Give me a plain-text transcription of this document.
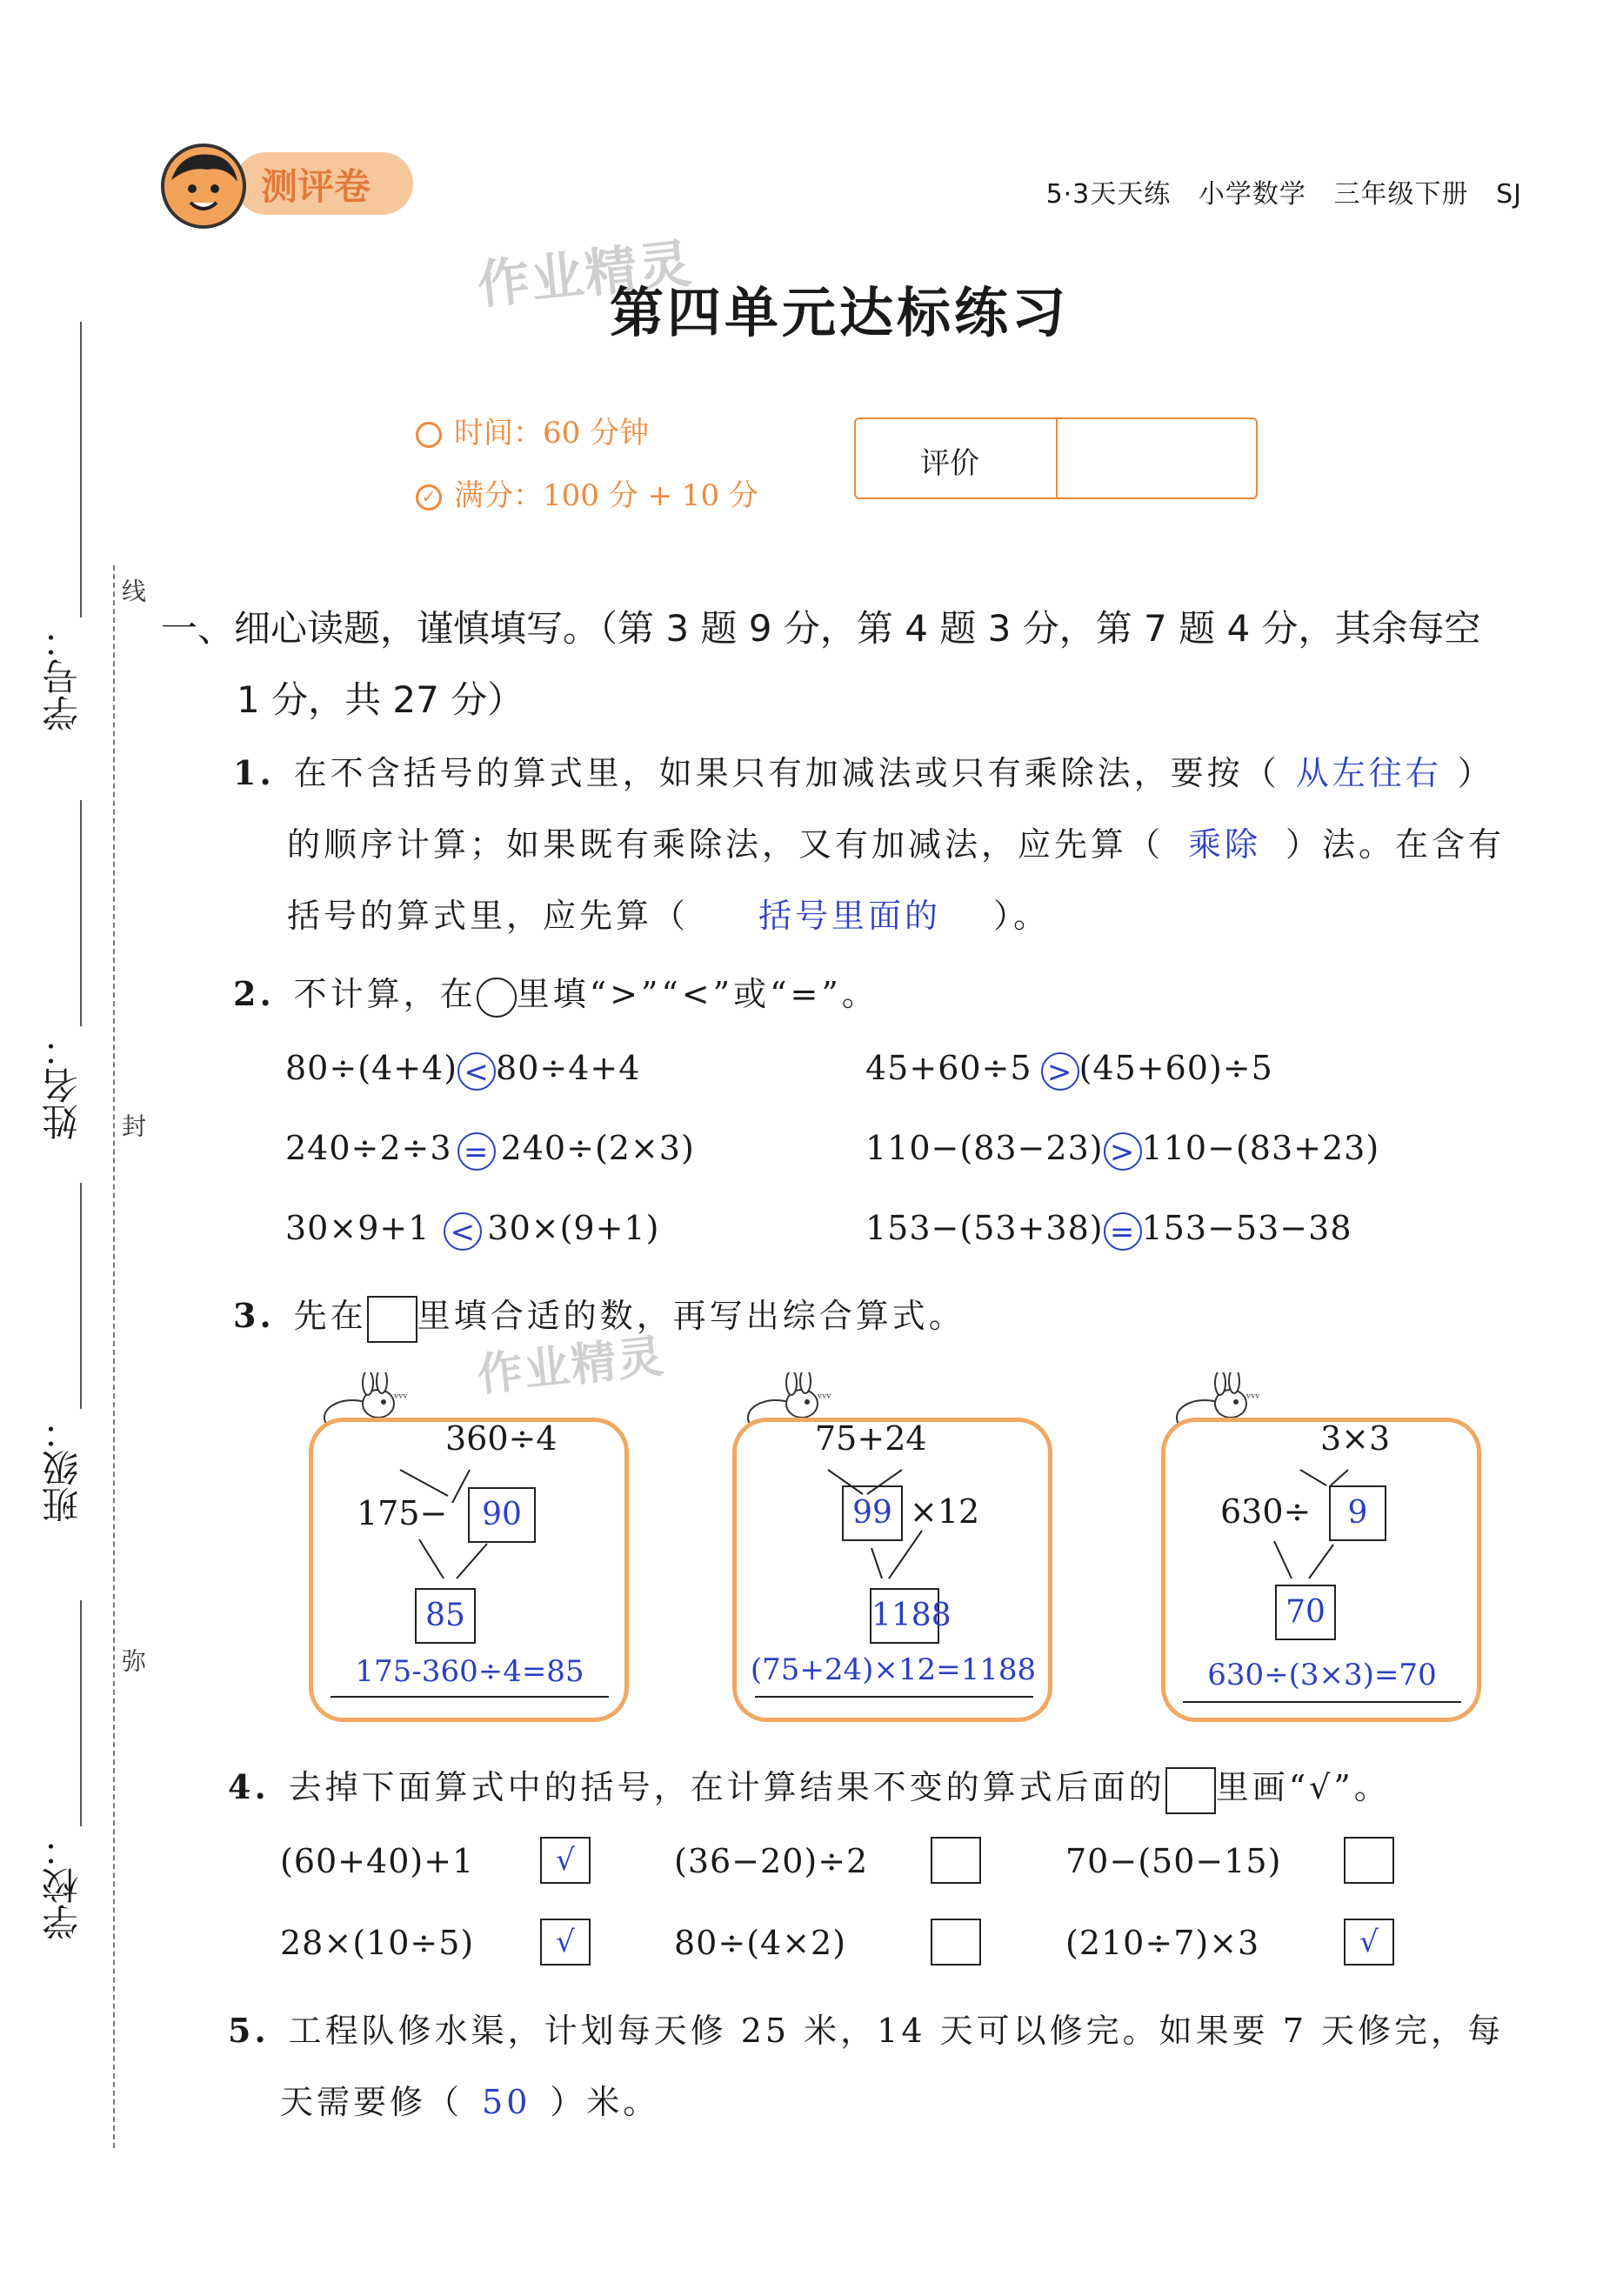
学号：
姓名：
班级：
学校：
线
封
弥
测评卷	5·3天天练   小学数学   三年级下册   SJ
作业精灵
第四单元达标练习
时间：60 分钟
✓ 满分：100 分 + 10 分
评价
一、细心读题，谨慎填写。（第 3 题 9 分，第 4 题 3 分，第 7 题 4 分，其余每空
1 分，共 27 分）
1. 在不含括号的算式里，如果只有加减法或只有乘除法，要按（ 从左往右 ）
的顺序计算；如果既有乘除法，又有加减法，应先算（ 乘除 ）法。在含有
括号的算式里，应先算（ 括号里面的 ）。
2. 不计算，在 里填“>”“<”或“=”。
80÷(4+4) < 80÷4+4	45+60÷5 > (45+60)÷5
240÷2÷3 = 240÷(2×3)	110−(83−23) > 110−(83+23)
30×9+1 < 30×(9+1)	153−(53+38) = 153−53−38
3. 先在 里填合适的数，再写出综合算式。
作业精灵
ᵛᵛᵛ
360÷4
175−	90
85
175-360÷4=85
ᵛᵛᵛ
75+24
99 ×12
1188
(75+24)×12=1188
ᵛᵛᵛ
3×3
630÷	9
70
630÷(3×3)=70
4. 去掉下面算式中的括号，在计算结果不变的算式后面的 里画“√”。
(60+40)+1	√	(36−20)÷2	70−(50−15)
28×(10÷5)	√	80÷(4×2)	(210÷7)×3	√
5. 工程队修水渠，计划每天修 25 米，14 天可以修完。如果要 7 天修完，每
天需要修（ 50 ）米。
